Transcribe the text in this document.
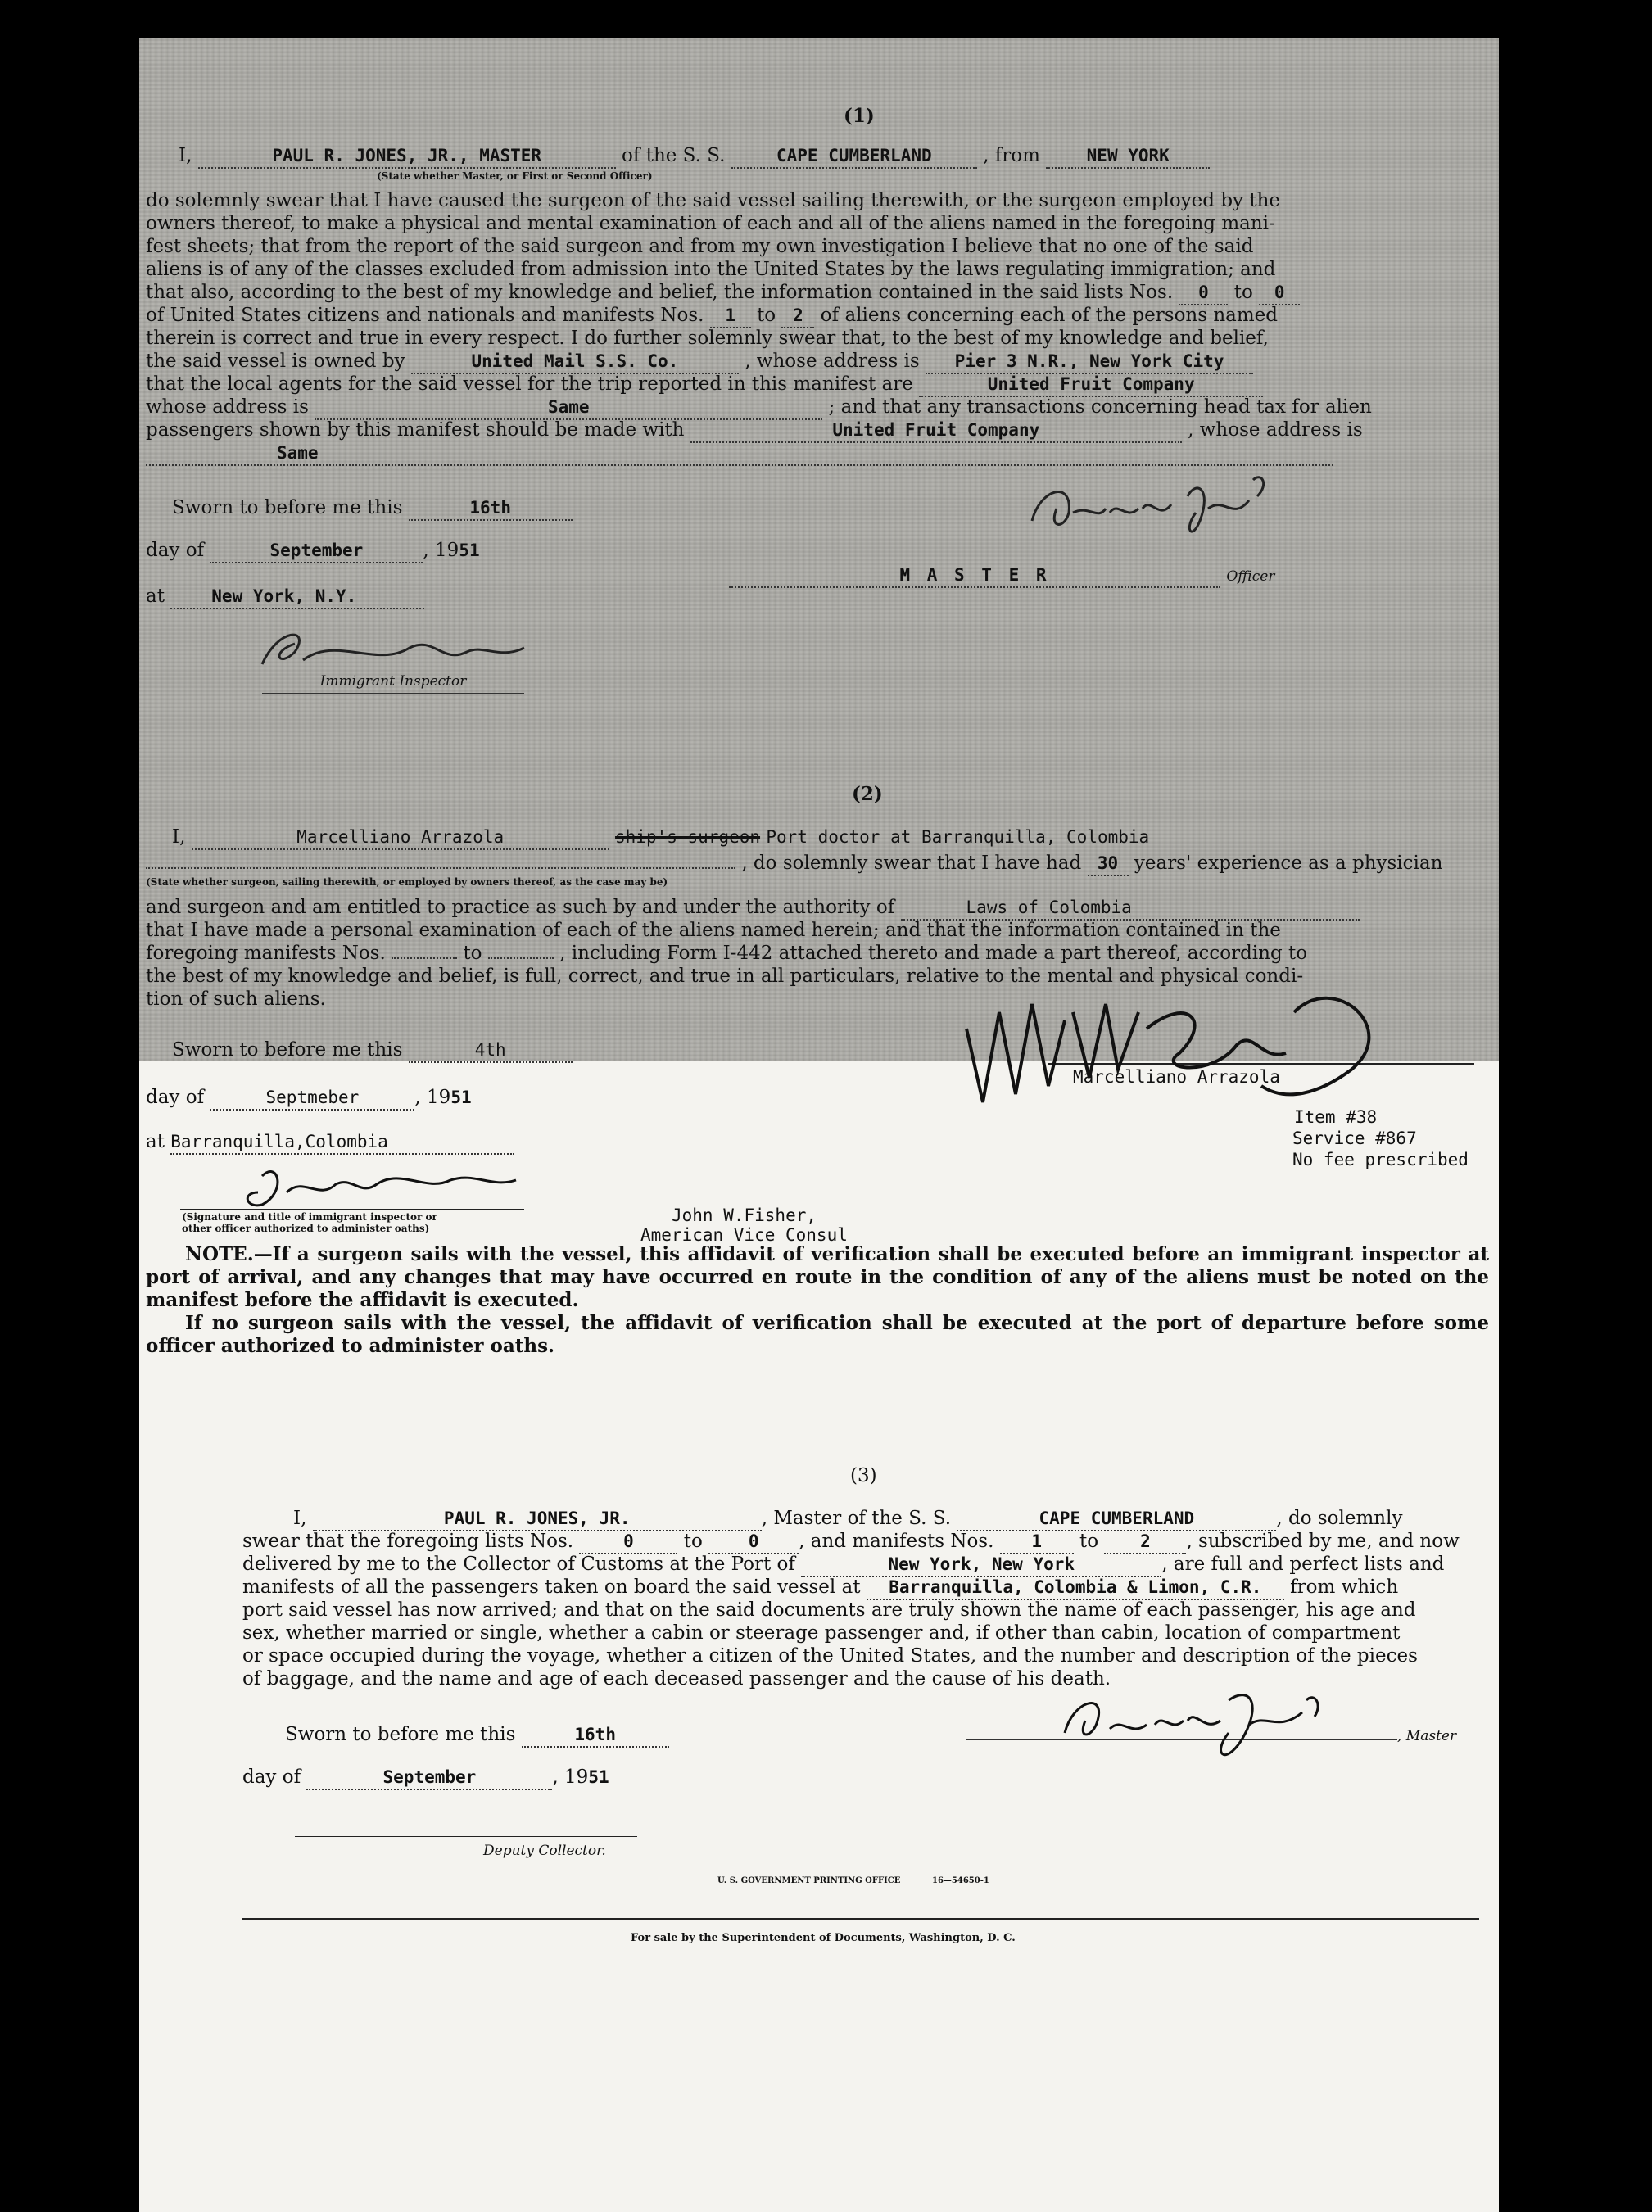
(1)
I,	PAUL R. JONES, JR., MASTER	of the S. S.	CAPE CUMBERLAND	, from	NEW YORK
(State whether Master, or First or Second Officer)
do solemnly swear that I have caused the surgeon of the said vessel sailing therewith, or the surgeon employed by the
owners thereof, to make a physical and mental examination of each and all of the aliens named in the foregoing mani-
fest sheets; that from the report of the said surgeon and from my own investigation I believe that no one of the said
aliens is of any of the classes excluded from admission into the United States by the laws regulating immigration; and
that also, according to the best of my knowledge and belief, the information contained in the said lists Nos. 0 to 0
of United States citizens and nationals and manifests Nos. 1 to 2 of aliens concerning each of the persons named
therein is correct and true in every respect. I do further solemnly swear that, to the best of my knowledge and belief,
the said vessel is owned by	United Mail S.S. Co.	, whose address is Pier 3 N.R., New York City
that the local agents for the said vessel for the trip reported in this manifest are	United Fruit Company
whose address is	Same	; and that any transactions concerning head tax for alien
passengers shown by this manifest should be made with	United Fruit Company	, whose address is
Same
Sworn to before me this	16th
day of	September	, 1951
at	New York, N.Y.
Immigrant Inspector
M A S T E R	Officer
(2)
I,	Marcelliano Arrazola	ship's surgeon Port doctor at Barranquilla, Colombia
, do solemnly swear that I have had 30 years' experience as a physician
(State whether surgeon, sailing therewith, or employed by owners thereof, as the case may be)
and surgeon and am entitled to practice as such by and under the authority of	Laws of Colombia
that I have made a personal examination of each of the aliens named herein; and that the information contained in the
foregoing manifests Nos.	to	, including Form I-442 attached thereto and made a part thereof, according to
the best of my knowledge and belief, is full, correct, and true in all particulars, relative to the mental and physical condi-
tion of such aliens.
Sworn to before me this	4th
Marcelliano Arrazola
day of	Septmeber	, 1951
at Barranquilla,Colombia
Item #38
Service #867
No fee prescribed
(Signature and title of immigrant inspector or
other officer authorized to administer oaths)
John W.Fisher,
American Vice Consul
NOTE.—If a surgeon sails with the vessel, this affidavit of verification shall be executed before an immigrant inspector at port of arrival, and any changes that may have occurred en route in the condition of any of the aliens must be noted on the manifest before the affidavit is executed.
If no surgeon sails with the vessel, the affidavit of verification shall be executed at the port of departure before some officer authorized to administer oaths.
(3)
I,	PAUL R. JONES, JR.	, Master of the S. S.	CAPE CUMBERLAND	, do solemnly
swear that the foregoing lists Nos.	0	to	0 , and manifests Nos. 1 to 2 , subscribed by me, and now
delivered by me to the Collector of Customs at the Port of	New York, New York	, are full and perfect lists and
manifests of all the passengers taken on board the said vessel at Barranquilla, Colombia & Limon, C.R. from which
port said vessel has now arrived; and that on the said documents are truly shown the name of each passenger, his age and
sex, whether married or single, whether a cabin or steerage passenger and, if other than cabin, location of compartment
or space occupied during the voyage, whether a citizen of the United States, and the number and description of the pieces
of baggage, and the name and age of each deceased passenger and the cause of his death.
Sworn to before me this	16th	, Master
day of	September	, 1951
Deputy Collector.
U. S. GOVERNMENT PRINTING OFFICE	16—54650-1
For sale by the Superintendent of Documents, Washington, D. C.
